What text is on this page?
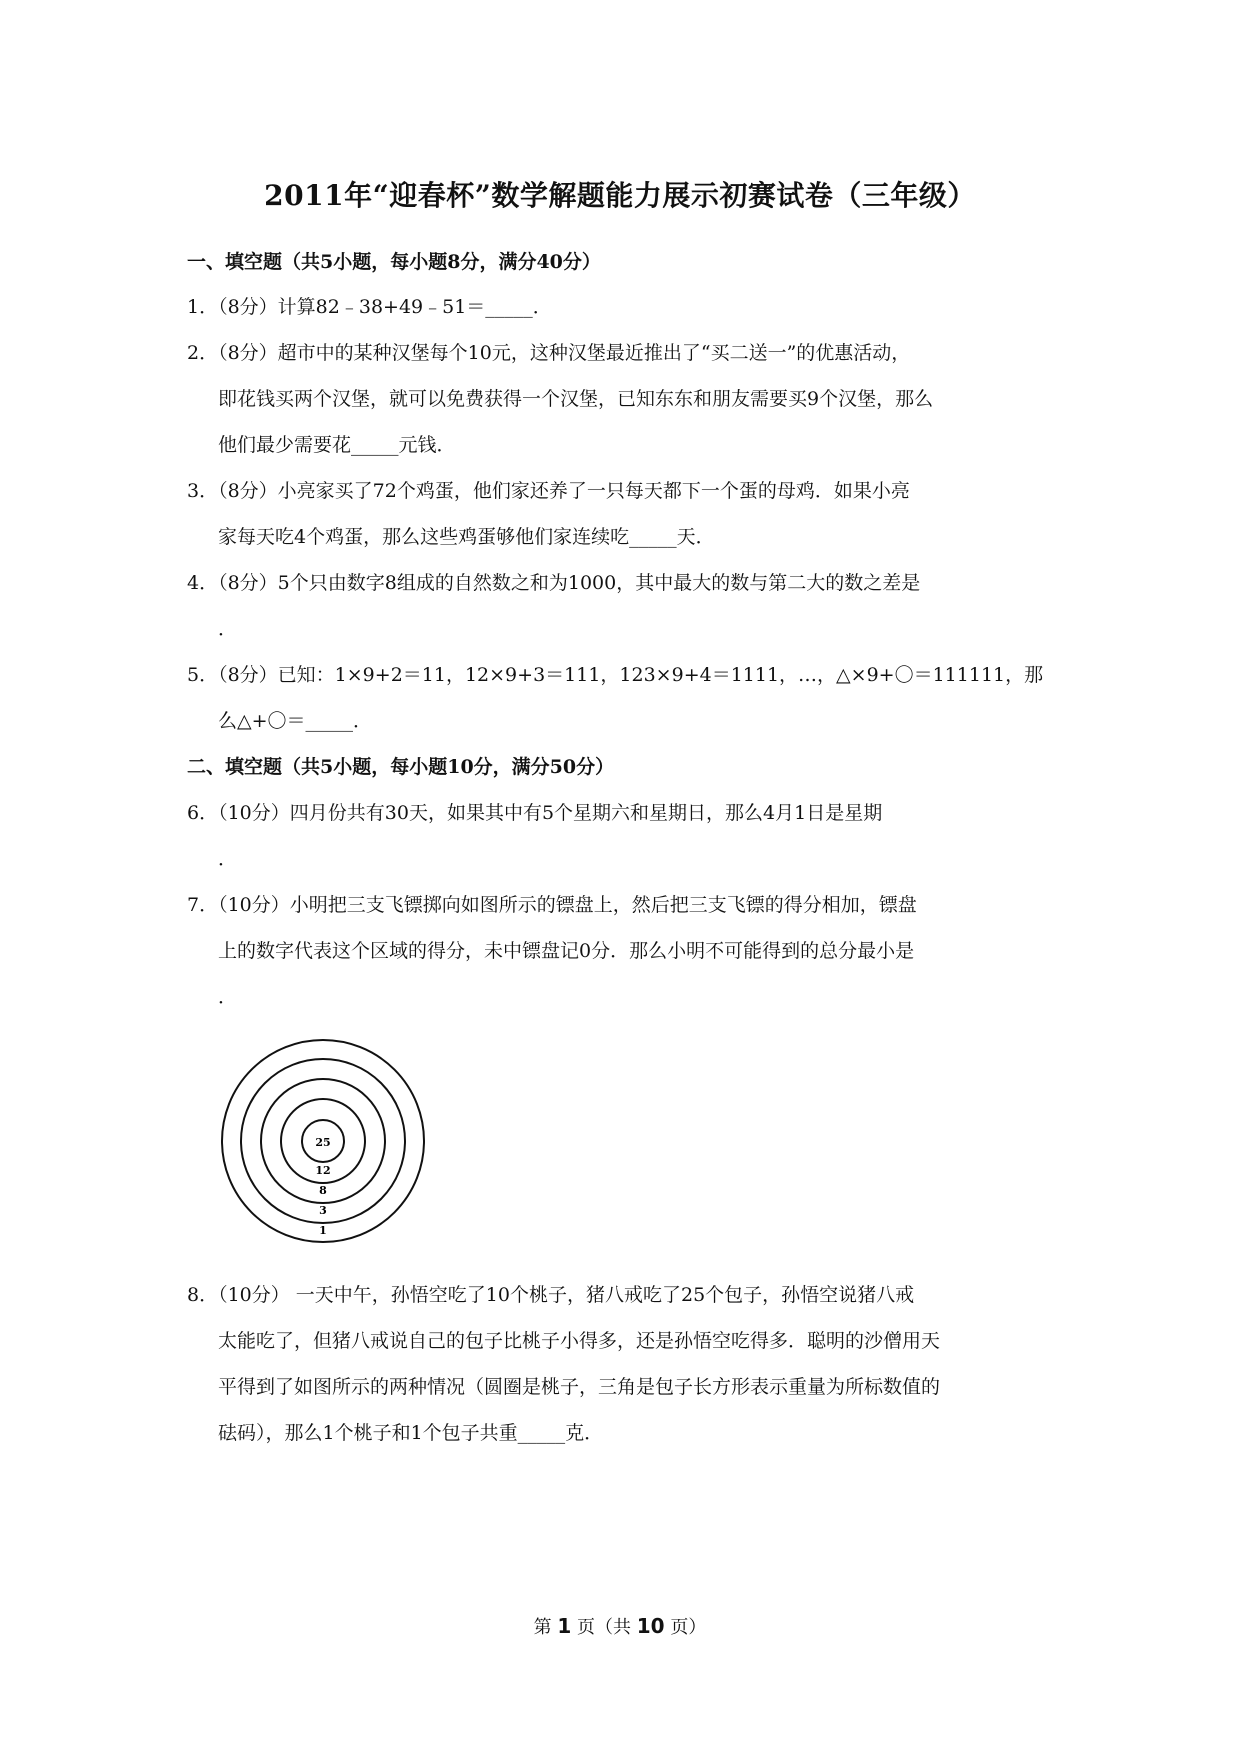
2011年“迎春杯”数学解题能力展示初赛试卷（三年级）
一、填空题（共5小题，每小题8分，满分40分）
1．（8分）计算82﹣38+49﹣51＝_____．
2．（8分）超市中的某种汉堡每个10元，这种汉堡最近推出了“买二送一”的优惠活动，
即花钱买两个汉堡，就可以免费获得一个汉堡，已知东东和朋友需要买9个汉堡，那么
他们最少需要花_____元钱．
3．（8分）小亮家买了72个鸡蛋，他们家还养了一只每天都下一个蛋的母鸡．如果小亮
家每天吃4个鸡蛋，那么这些鸡蛋够他们家连续吃_____天．
4．（8分）5个只由数字8组成的自然数之和为1000，其中最大的数与第二大的数之差是
．
5．（8分）已知：1×9+2＝11，12×9+3＝111，123×9+4＝1111，…，△×9+〇＝111111，那
么△+〇＝_____．
二、填空题（共5小题，每小题10分，满分50分）
6．（10分）四月份共有30天，如果其中有5个星期六和星期日，那么4月1日是星期
．
7．（10分）小明把三支飞镖掷向如图所示的镖盘上，然后把三支飞镖的得分相加，镖盘
上的数字代表这个区域的得分，未中镖盘记0分．那么小明不可能得到的总分最小是
．
25
12
8
3
1
8．（10分） 一天中午，孙悟空吃了10个桃子，猪八戒吃了25个包子，孙悟空说猪八戒
太能吃了，但猪八戒说自己的包子比桃子小得多，还是孙悟空吃得多．聪明的沙僧用天
平得到了如图所示的两种情况（圆圈是桃子，三角是包子长方形表示重量为所标数值的
砝码），那么1个桃子和1个包子共重_____克．
第 1 页（共 10 页）
